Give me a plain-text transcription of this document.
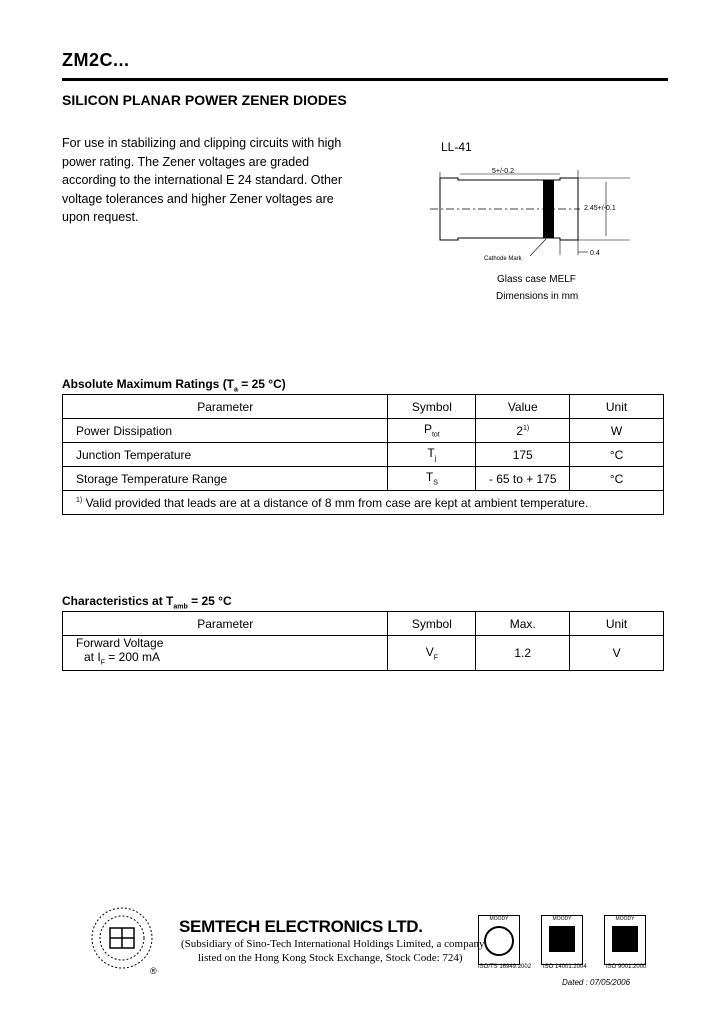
ZM2C...
SILICON PLANAR POWER ZENER DIODES
For use in stabilizing and clipping circuits with high
power rating. The Zener voltages are graded
according to the international E 24 standard. Other
voltage tolerances and higher Zener voltages are
upon request.
LL-41
5+/-0.2
2.45+/-0.1
0.4
Cathode Mark
Glass case MELF
Dimensions in mm
Absolute Maximum Ratings ($T_a = 25$ °C)
Parameter	Symbol	Value	Unit
Power Dissipation	$P_{tot}$	2$^{1)}$	W
Junction Temperature	$T_j$	175	°C
Storage Temperature Range	$T_S$	- 65 to + 175	°C
$^{1)}$ Valid provided that leads are at a distance of 8 mm from case are kept at ambient temperature.			
Characteristics at $T_{amb} = 25$ °C
Parameter	Symbol	Max.	Unit

Forward Voltage
at $I_F = 200$ mA	$V_F$	1.2	V
®
SEMTECH ELECTRONICS LTD.
(Subsidiary of Sino-Tech International Holdings Limited, a company
listed on the Hong Kong Stock Exchange, Stock Code: 724)
MOODY	MOODY	MOODY
ISO/TS 16949:2002 ISO 14001:2004	ISO 9001:2000
Dated : 07/05/2006
